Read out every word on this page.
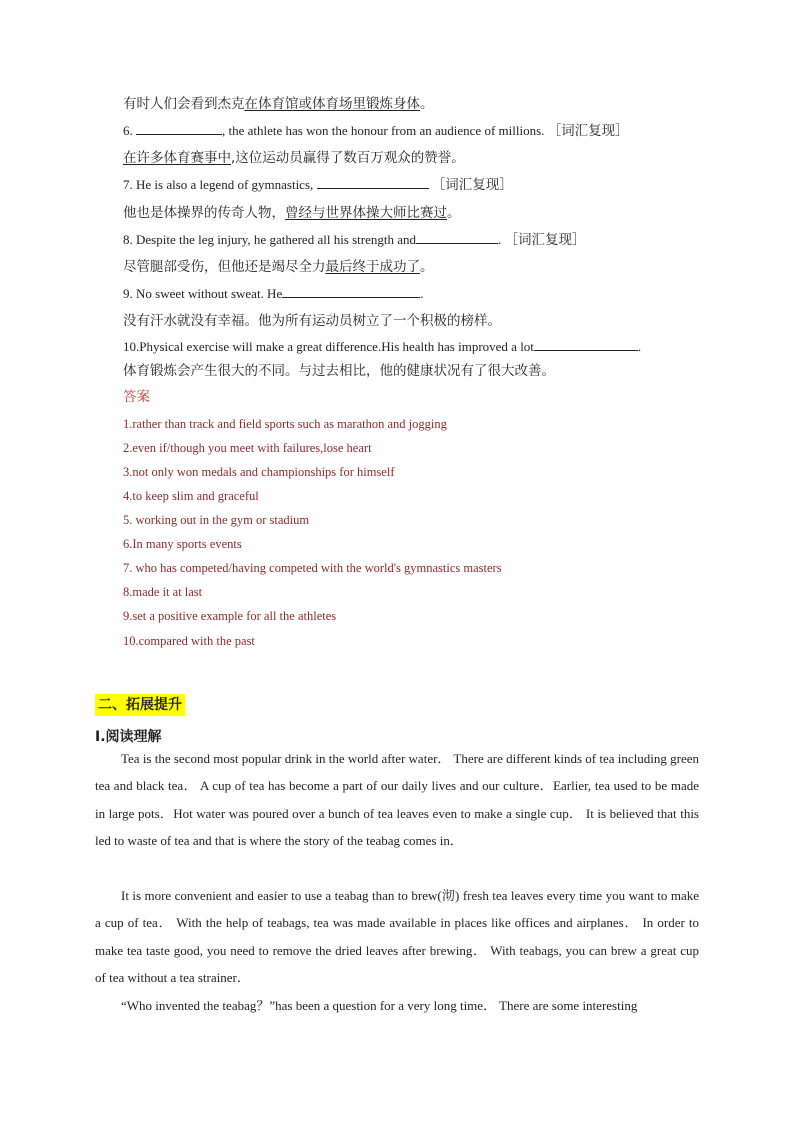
有时人们会看到杰克在体育馆或体育场里锻炼身体。
6.	, the athlete has won the honour from an audience of millions. ［词汇复现］
在许多体育赛事中,这位运动员赢得了数百万观众的赞誉。
7. He is also a legend of gymnastics,	［词汇复现］
他也是体操界的传奇人物，曾经与世界体操大师比赛过。
8. Despite the leg injury, he gathered all his strength and	. ［词汇复现］
尽管腿部受伤，但他还是竭尽全力最后终于成功了。
9. No sweet without sweat. He	.
没有汗水就没有幸福。他为所有运动员树立了一个积极的榜样。
10.Physical exercise will make a great difference.His health has improved a lot	.
体育锻炼会产生很大的不同。与过去相比，他的健康状况有了很大改善。
答案
1.rather than track and field sports such as marathon and jogging
2.even if/though you meet with failures,lose heart
3.not only won medals and championships for himself
4.to keep slim and graceful
5. working out in the gym or stadium
6.In many sports events
7. who has competed/having competed with the world's gymnastics masters
8.made it at last
9.set a positive example for all the athletes
10.compared with the past
二、拓展提升
I.阅读理解
Tea is the second most popular drink in the world after water． There are different kinds of tea including green tea and black tea． A cup of tea has become a part of our daily lives and our culture．Earlier, tea used to be made in large pots．Hot water was poured over a bunch of tea leaves even to make a single cup． It is believed that this led to waste of tea and that is where the story of the teabag comes in．
It is more convenient and easier to use a teabag than to brew(沏) fresh tea leaves every time you want to make a cup of tea． With the help of teabags, tea was made available in places like offices and airplanes． In order to make tea taste good, you need to remove the dried leaves after brewing． With teabags, you can brew a great cup of tea without a tea strainer．
“Who invented the teabag？”has been a question for a very long time． There are some interesting
